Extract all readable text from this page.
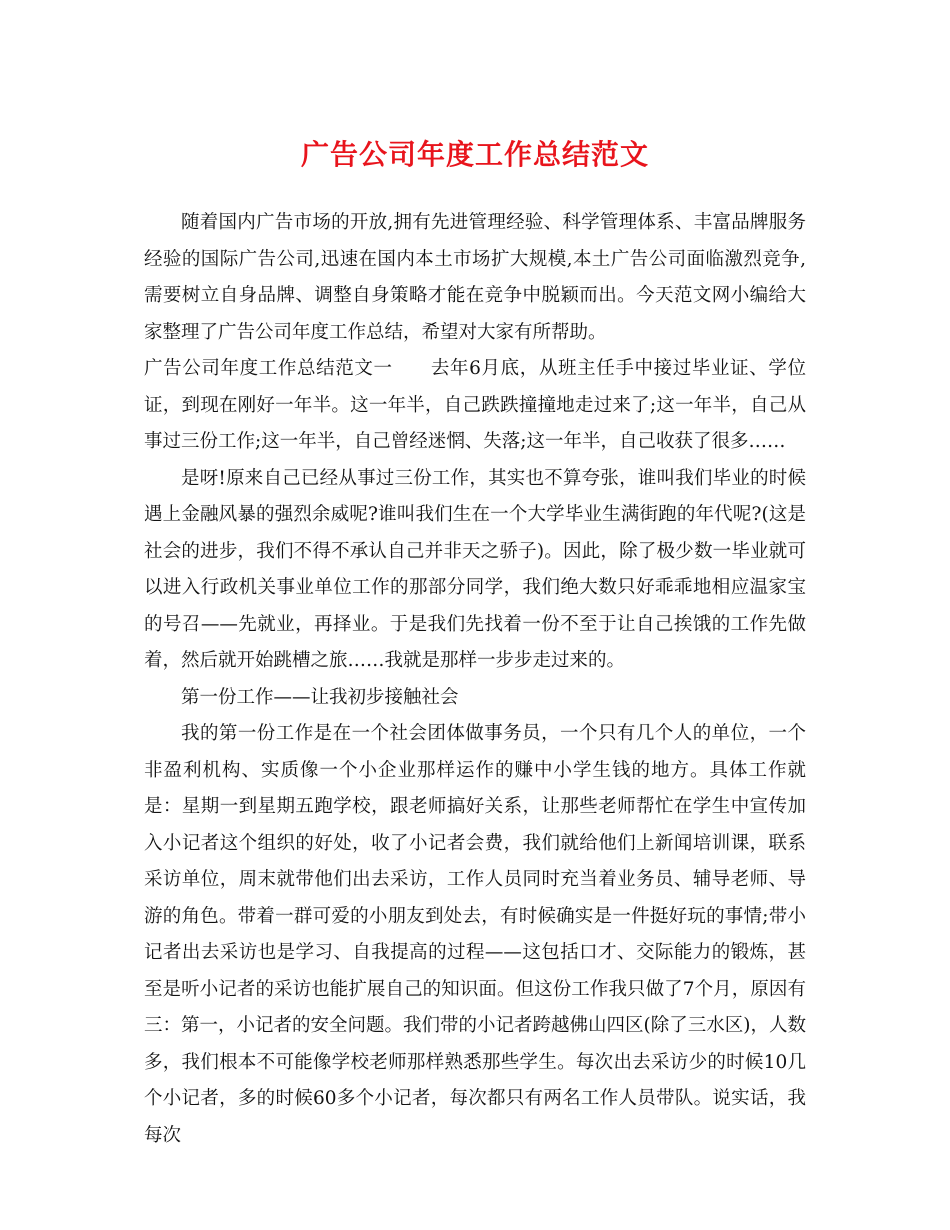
广告公司年度工作总结范文

随着国内广告市场的开放,拥有先进管理经验、科学管理体系、丰富品牌服务经验的国际广告公司,迅速在国内本土市场扩大规模,本土广告公司面临激烈竞争,需要树立自身品牌、调整自身策略才能在竞争中脱颖而出。今天范文网小编给大家整理了广告公司年度工作总结，希望对大家有所帮助。

广告公司年度工作总结范文一　　去年6月底，从班主任手中接过毕业证、学位证，到现在刚好一年半。这一年半，自己跌跌撞撞地走过来了;这一年半，自己从事过三份工作;这一年半，自己曾经迷惘、失落;这一年半，自己收获了很多……

是呀!原来自己已经从事过三份工作，其实也不算夸张，谁叫我们毕业的时候遇上金融风暴的强烈余威呢?谁叫我们生在一个大学毕业生满街跑的年代呢?(这是社会的进步，我们不得不承认自己并非天之骄子)。因此，除了极少数一毕业就可以进入行政机关事业单位工作的那部分同学，我们绝大数只好乖乖地相应温家宝的号召——先就业，再择业。于是我们先找着一份不至于让自己挨饿的工作先做着，然后就开始跳槽之旅……我就是那样一步步走过来的。

第一份工作——让我初步接触社会

我的第一份工作是在一个社会团体做事务员，一个只有几个人的单位，一个非盈利机构、实质像一个小企业那样运作的赚中小学生钱的地方。具体工作就是：星期一到星期五跑学校，跟老师搞好关系，让那些老师帮忙在学生中宣传加入小记者这个组织的好处，收了小记者会费，我们就给他们上新闻培训课，联系采访单位，周末就带他们出去采访，工作人员同时充当着业务员、辅导老师、导游的角色。带着一群可爱的小朋友到处去，有时候确实是一件挺好玩的事情;带小记者出去采访也是学习、自我提高的过程——这包括口才、交际能力的锻炼，甚至是听小记者的采访也能扩展自己的知识面。但这份工作我只做了7个月，原因有三：第一，小记者的安全问题。我们带的小记者跨越佛山四区(除了三水区)，人数多，我们根本不可能像学校老师那样熟悉那些学生。每次出去采访少的时候10几个小记者，多的时候60多个小记者，每次都只有两名工作人员带队。说实话，我每次
